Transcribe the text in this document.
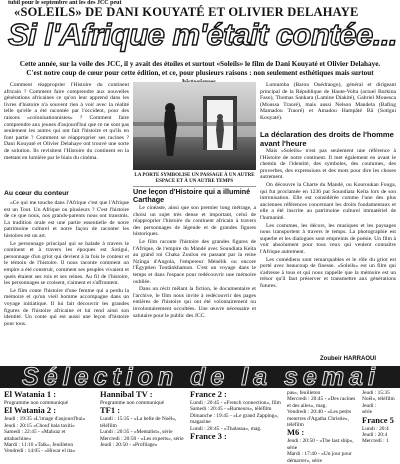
tubil pour le septembre ant les des JCC peut
«SOLEILS» DE DANI KOUYATÉ ET OLIVIER DELAHAYE
Si l'Afrique m'était contée...
Cette année, sur la voile des JCC, il y avait des étoiles et surtout «Soleils» le film de Dani Kouyaté et Olivier Delahaye. C'est notre coup de cœur pour cette édition, et ce, pour plusieurs raisons : non seulement esthétiques mais surtout

Comment réapproprier l'Histoire du continent africain ? Comment faire comprendre aux nouvelles générations africaines ce qu'on leur apprend dans les livres d'histoire n'a souvent rien à voir avec la réalité telle qu'elle a été racontée par l'occident, pour des raisons «colonisationnistes» ? Comment faire comprendre aux jeunes d'aujourd'hui que ce ne sont pas seulement les autres qui ont fait l'histoire et qu'ils en font partie ? Comment se réapproprier ses racines ? Dani Kouyaté et Olivier Delahaye ont trouvé une sorte de solution. Ils revisitent l'Histoire du continent en la mettant en lumière par le biais du cinéma.

Au cœur du conteur

«Ce qui me touche dans l'Afrique c'est que l'Afrique est un Tout. Un Afrique ou plusieurs ? C'est l'histoire de ce que nous, nos grands-parents nous ont transmis. La tradition orale est une partie essentielle de notre patrimoine culturel et notre façon de raconter les histoires est un art.

Le personnage principal qui se balade à travers le continent et à travers les époques est Sotigui, personnage d'un griot qui devient à la fois le conteur et le témoin de l'histoire. Il nous raconte comment un empire a été construit, comment ses peuples vivaient et quels étaient ses rois et ses reines. Au fil de l'histoire, les personnages se croisent, s'aiment et s'affrontent.

Le film conte l'histoire d'une femme qui a perdu la mémoire et qu'un vieil homme accompagne dans un voyage initiatique. Il lui fait découvrir les grandes figures de l'histoire africaine et lui rend ainsi son identité. Un conte qui est aussi une leçon d'histoire pour tous.

LA PORTE SYMBOLISE UN PASSAGE À UN AUTRE ESPACE ET À UN AUTRE TEMPS
Une leçon d'Histoire qui a illuminé Carthage

Le cinéaste, ainsi que son premier long métrage, a choisi un sujet très dense et important, celui de réapproprier l'histoire du continent africain à travers des personnages de légende et de grandes figures historiques.

Le film raconte l'histoire des grandes figures de l'Afrique, de l'empire du Mandé avec Soundiata Keïta au grand roi Chaka Zoulou en passant par la reine Nzinga d'Angola, l'empereur Ménélik ou encore l'Égyptien Toutânkhamon. C'est un voyage dans le temps et dans l'espace pour redécouvrir une mémoire oubliée.

Dans un récit mêlant la fiction, le documentaire et l'archive, le film nous invite à redécouvrir des pages entières de l'histoire qui ont été volontairement ou involontairement occultées. Une œuvre nécessaire et salutaire pour le public des JCC.

Lumumba (Baron Ouédraogo), général et dirigeant principal de la République de Haute-Volta (actuel Burkina Faso), Thomas Sankara (Lamine Diakité), Gabriel Mouesca (Moussa Traoré), mais aussi Nelson Mandela (Bafing Mamadou Traoré) et Amadou Hampâté Bâ (Sotigui Kouyaté).

La déclaration des droits de l'homme avant l'heure

Mais «Soleils» n'est pas seulement une référence à l'Histoire de notre continent. Il met également en avant le chemin de l'identité, des symboles, des coutumes, des proverbes, des expressions et des mots pour dire les choses autrement.

On découvre la Charte du Mandé, ou Kouroukan Fouga, qui fut proclamée en 1236 par Soundiata Keïta lors de son intronisation. Elle est considérée comme l'une des plus anciennes références concernant les droits fondamentaux et elle a été inscrite au patrimoine culturel immatériel de l'humanité.

Les costumes, les décors, les musiques et les paysages nous transportent à travers le temps. La photographie est superbe et les dialogues sont empreints de poésie. Un film à voir absolument pour tous ceux qui veulent connaître l'Afrique autrement.

Les comédiens sont remarquables et le rôle du griot est porté avec beaucoup de finesse. «Soleils» est un film qui s'adresse à tous et qui nous rappelle que la mémoire est un trésor qu'il faut préserver et transmettre aux générations futures.

Zoubeir HARRAOUI
Sélection de la semai
El Watania 1 :

Programme non communiqué

El Watania 2 :

Jeudi : 19:35 «L'image d'aujourd'hui»

Jeudi : 20:15 «Chouf bala taxiti»

Samedi : 22:45 - «Mahraz et attabachine»

Mardi : 11:10 «Talk», feuilleton

Vendredi : 14:05 - «Hiwar el ita»

Hannibal TV :

Programme non communiqué

TF1 :

Lundi : 15:35 - «La belle de Noël», téléfilm

Lundi : 20:35 - «Mentalist», série

Mercredi : 20:50 - «Les experts», série

Jeudi : 20:50 - «Profilage»

France 2 :

Lundi : 20:45 - «French connection», film

Samedi : 20:45 - «Rumeurs», téléfilm

Dimanche : 19:45 - «Le grand Zapping», magazine

Lundi : 20:45 - «Thalassa», mag.

France 3 :

pas», feuilleton

Mercredi : 20:45 - «Des racines et des ailes», mag.

Vendredi : 20:40 - «Les petits meurtres d'Agatha Christie», téléfilm

M6 :

Jeudi : 20:50 - «The last ship», série

Mardi : 17:40 - «Un jour pour démarrer», série

Jeudi : 15:35

Noël», téléfilm

Jeudi :

série

France 5

Lundi : 20:4

Jeudi : 20:4

Mercredi : 1
